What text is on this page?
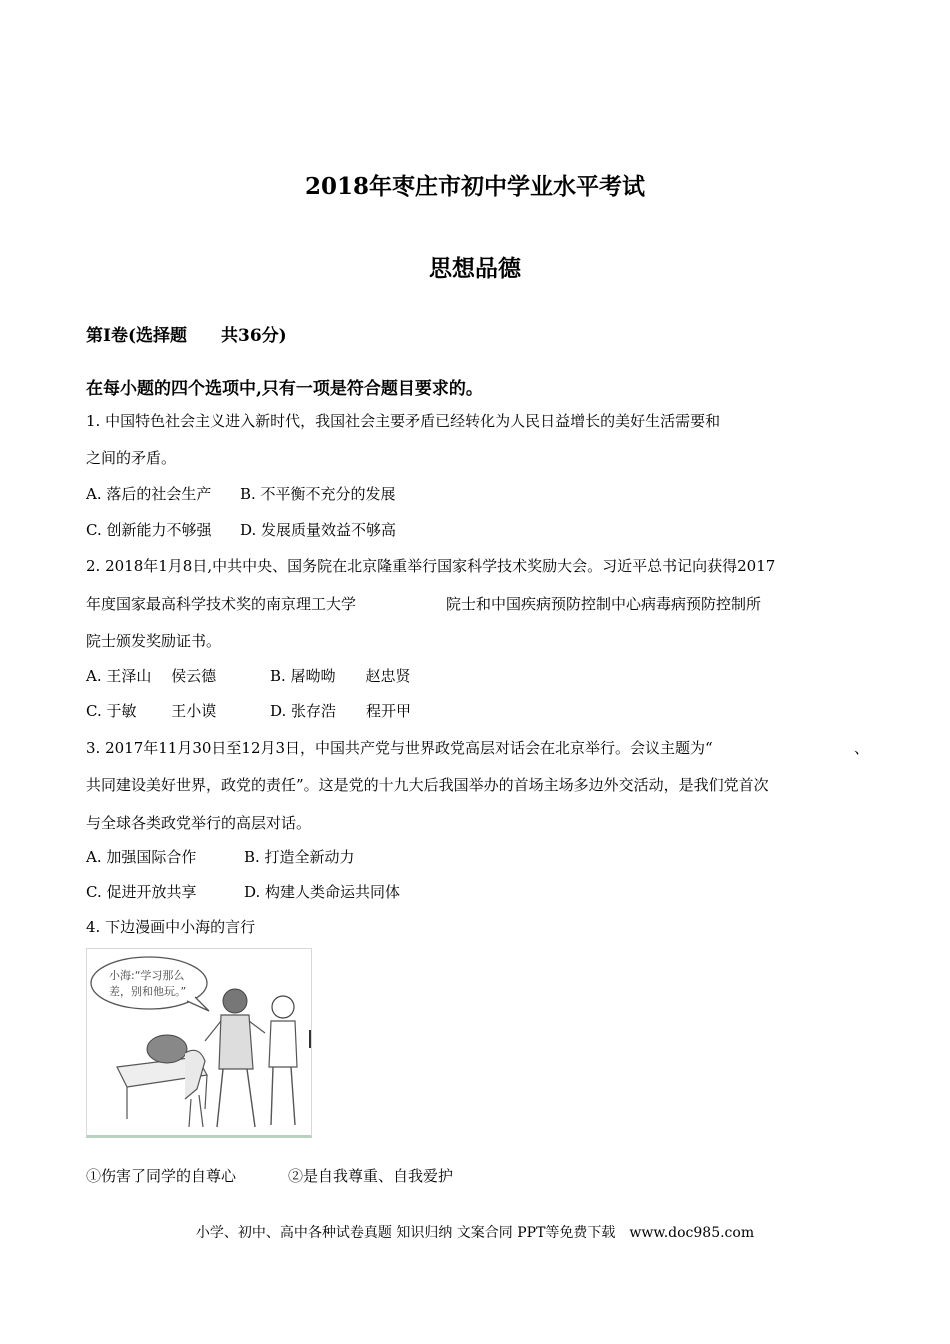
2018年枣庄市初中学业水平考试
思想品德
第Ⅰ卷(选择题　　共36分)
在每小题的四个选项中,只有一项是符合题目要求的。
1. 中国特色社会主义进入新时代，我国社会主要矛盾已经转化为人民日益增长的美好生活需要和
之间的矛盾。
A. 落后的社会生产 B. 不平衡不充分的发展
C. 创新能力不够强 D. 发展质量效益不够高
2. 2018年1月8日,中共中央、国务院在北京隆重举行国家科学技术奖励大会。习近平总书记向获得2017
年度国家最高科学技术奖的南京理工大学	院士和中国疾病预防控制中心病毒病预防控制所
院士颁发奖励证书。
A. 王泽山　 侯云德	B. 屠呦呦　　赵忠贤
C. 于敏　　 王小谟	D. 张存浩　　程开甲
3. 2017年11月30日至12月3日，中国共产党与世界政党高层对话会在北京举行。会议主题为“	、
共同建设美好世界，政党的责任”。这是党的十九大后我国举办的首场主场多边外交活动，是我们党首次
与全球各类政党举行的高层对话。
A. 加强国际合作	B. 打造全新动力
C. 促进开放共享	D. 构建人类命运共同体
4. 下边漫画中小海的言行
小海:“学习那么
差，别和他玩。”
①伤害了同学的自尊心	②是自我尊重、自我爱护
小学、初中、高中各种试卷真题 知识归纳 文案合同 PPT等免费下载　www.doc985.com
